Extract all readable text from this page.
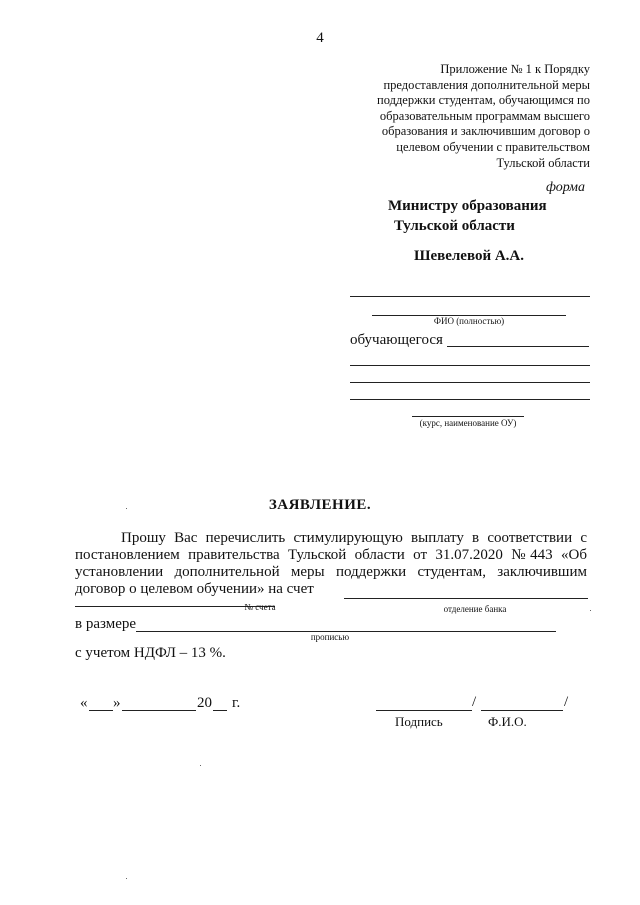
4
Приложение № 1 к Порядку
предоставления дополнительной меры
поддержки студентам, обучающимся по
образовательным программам высшего
образования и заключившим договор о
целевом обучении с правительством
Тульской области
форма
Министру образования
Тульской области
Шевелевой А.А.
ФИО (полностью)
обучающегося
(курс, наименование ОУ)
ЗАЯВЛЕНИЕ.
Прошу Вас перечислить стимулирующую выплату в соответствии с постановлением правительства Тульской области от 31.07.2020 №443 «Об установлении дополнительной меры поддержки студентам, заключившим договор о целевом обучении» на счет
№ счета	отделение банка
в размере
прописью
с учетом НДФЛ – 13 %.
« »	20 г.	/	/
Подпись	Ф.И.О.
